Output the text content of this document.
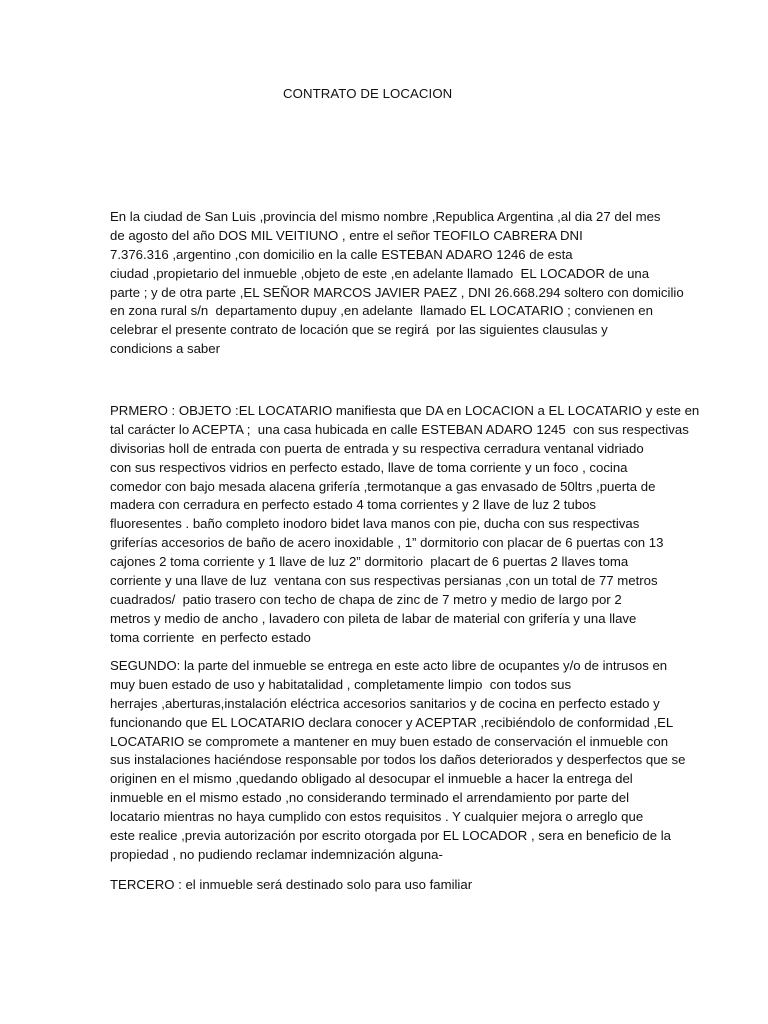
CONTRATO DE LOCACION
En la ciudad de San Luis ,provincia del mismo nombre ,Republica Argentina ,al dia 27 del mes
de agosto del año DOS MIL VEITIUNO , entre el señor TEOFILO CABRERA DNI
7.376.316 ,argentino ,con domicilio en la calle ESTEBAN ADARO 1246 de esta
ciudad ,propietario del inmueble ,objeto de este ,en adelante llamado  EL LOCADOR de una
parte ; y de otra parte ,EL SEÑOR MARCOS JAVIER PAEZ , DNI 26.668.294 soltero con domicilio
en zona rural s/n  departamento dupuy ,en adelante  llamado EL LOCATARIO ; convienen en
celebrar el presente contrato de locación que se regirá  por las siguientes clausulas y
condicions a saber
PRMERO : OBJETO :EL LOCATARIO manifiesta que DA en LOCACION a EL LOCATARIO y este en
tal carácter lo ACEPTA ;  una casa hubicada en calle ESTEBAN ADARO 1245  con sus respectivas
divisorias holl de entrada con puerta de entrada y su respectiva cerradura ventanal vidriado
con sus respectivos vidrios en perfecto estado, llave de toma corriente y un foco , cocina
comedor con bajo mesada alacena grifería ,termotanque a gas envasado de 50ltrs ,puerta de
madera con cerradura en perfecto estado 4 toma corrientes y 2 llave de luz 2 tubos
fluoresentes . baño completo inodoro bidet lava manos con pie, ducha con sus respectivas
griferías accesorios de baño de acero inoxidable , 1” dormitorio con placar de 6 puertas con 13
cajones 2 toma corriente y 1 llave de luz 2” dormitorio  placart de 6 puertas 2 llaves toma
corriente y una llave de luz  ventana con sus respectivas persianas ,con un total de 77 metros
cuadrados/  patio trasero con techo de chapa de zinc de 7 metro y medio de largo por 2
metros y medio de ancho , lavadero con pileta de labar de material con grifería y una llave
toma corriente  en perfecto estado
SEGUNDO: la parte del inmueble se entrega en este acto libre de ocupantes y/o de intrusos en
muy buen estado de uso y habitatalidad , completamente limpio  con todos sus
herrajes ,aberturas,instalación eléctrica accesorios sanitarios y de cocina en perfecto estado y
funcionando que EL LOCATARIO declara conocer y ACEPTAR ,recibiéndolo de conformidad ,EL
LOCATARIO se compromete a mantener en muy buen estado de conservación el inmueble con
sus instalaciones haciéndose responsable por todos los daños deteriorados y desperfectos que se
originen en el mismo ,quedando obligado al desocupar el inmueble a hacer la entrega del
inmueble en el mismo estado ,no considerando terminado el arrendamiento por parte del
locatario mientras no haya cumplido con estos requisitos . Y cualquier mejora o arreglo que
este realice ,previa autorización por escrito otorgada por EL LOCADOR , sera en beneficio de la
propiedad , no pudiendo reclamar indemnización alguna-
TERCERO : el inmueble será destinado solo para uso familiar
